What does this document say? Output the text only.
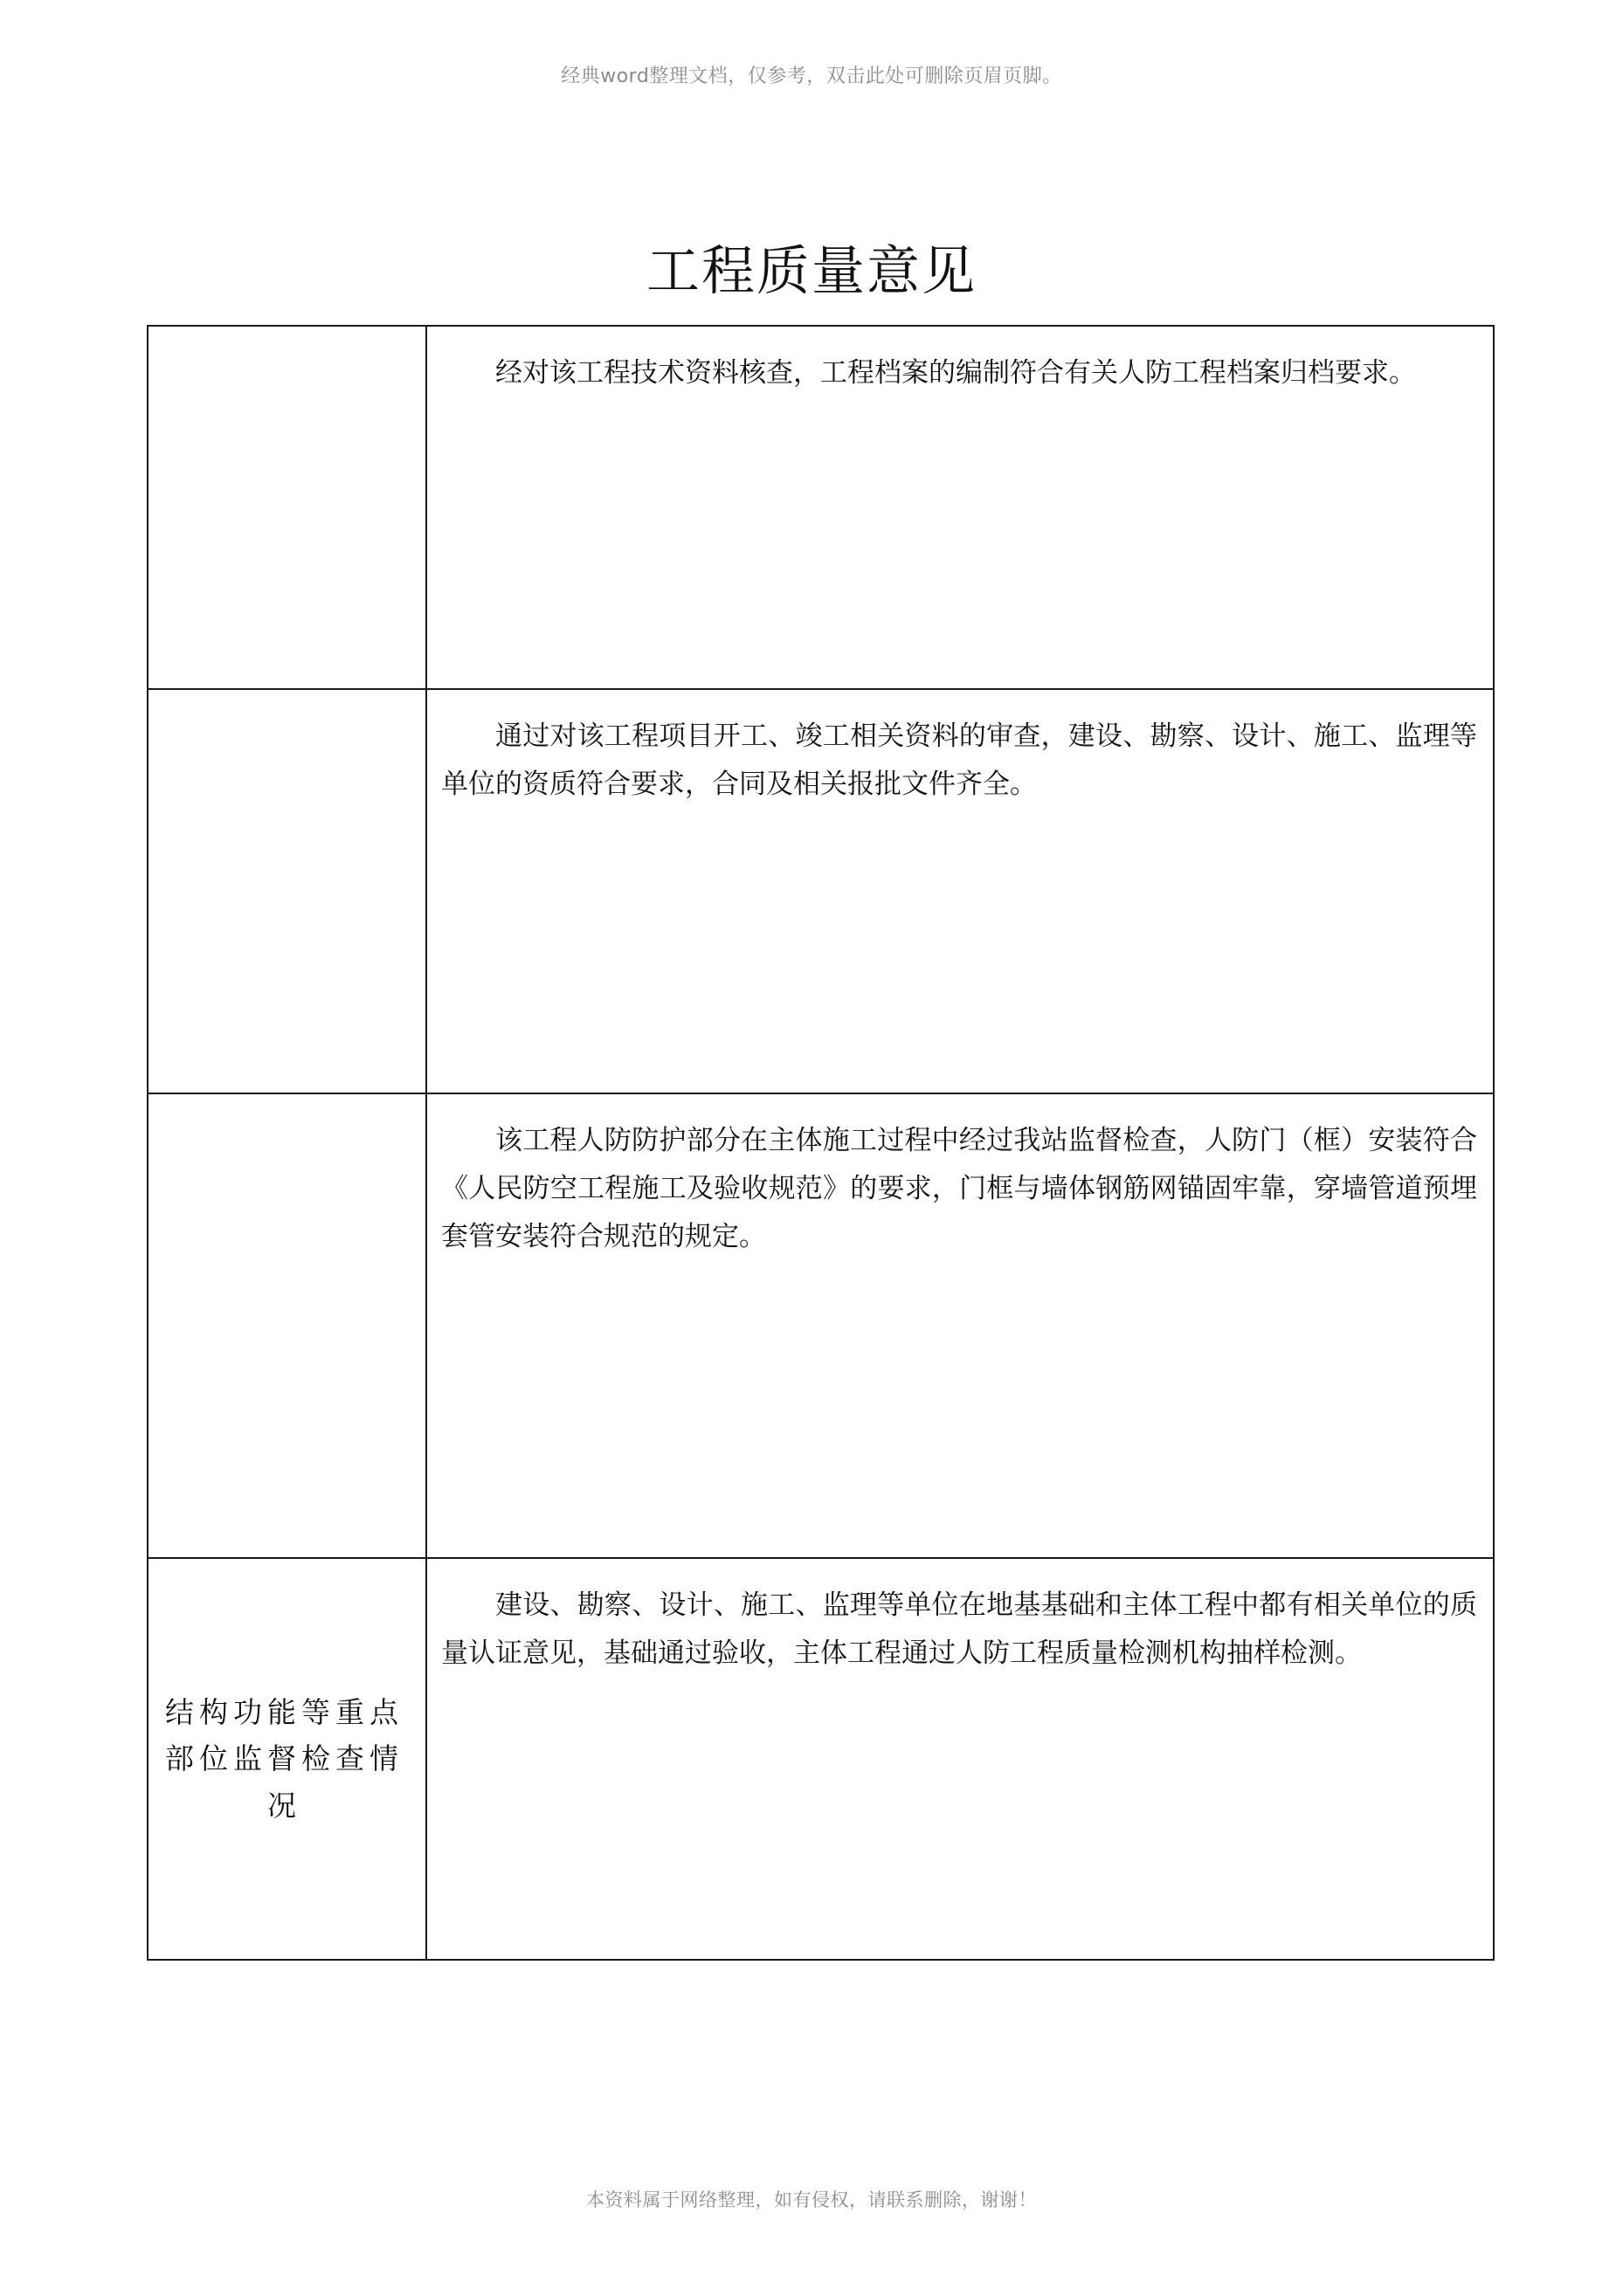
经典word整理文档，仅参考，双击此处可删除页眉页脚。
工程质量意见

	经对该工程技术资料核查，工程档案的编制符合有关人防工程档案归档要求。

	通过对该工程项目开工、竣工相关资料的审查，建设、勘察、设计、施工、监理等单位的资质符合要求，合同及相关报批文件齐全。

	该工程人防防护部分在主体施工过程中经过我站监督检查，人防门（框）安装符合《人民防空工程施工及验收规范》的要求，门框与墙体钢筋网锚固牢靠，穿墙管道预埋套管安装符合规范的规定。

结构功能等重点部位监督检查情况	建设、勘察、设计、施工、监理等单位在地基基础和主体工程中都有相关单位的质量认证意见，基础通过验收，主体工程通过人防工程质量检测机构抽样检测。
本资料属于网络整理，如有侵权，请联系删除，谢谢！
